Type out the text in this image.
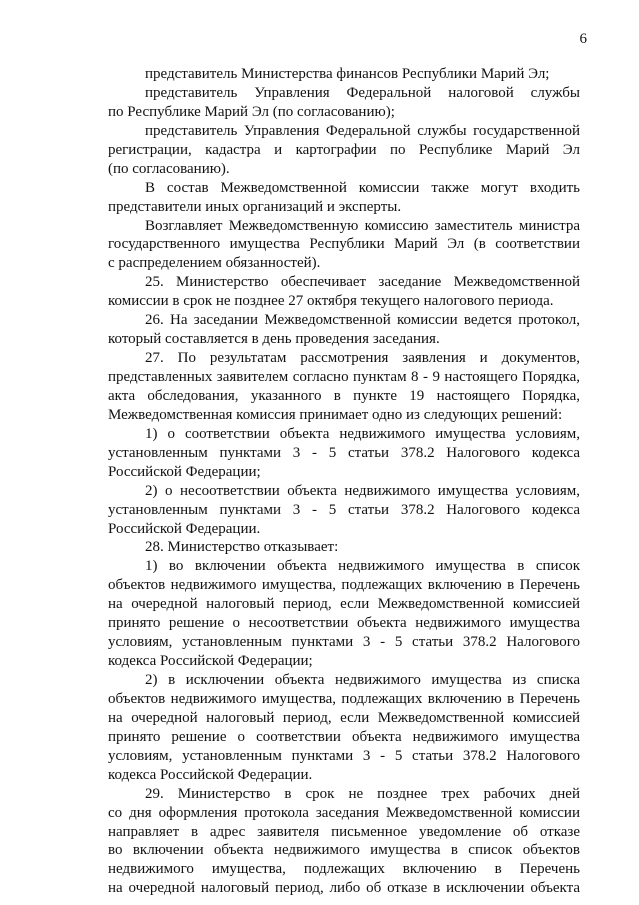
6
представитель Министерства финансов Республики Марий Эл;
представитель Управления Федеральной налоговой службы
по Республике Марий Эл (по согласованию);
представитель Управления Федеральной службы государственной
регистрации, кадастра и картографии по Республике Марий Эл
(по согласованию).
В состав Межведомственной комиссии также могут входить
представители иных организаций и эксперты.
Возглавляет Межведомственную комиссию заместитель министра
государственного имущества Республики Марий Эл (в соответствии
с распределением обязанностей).
25. Министерство обеспечивает заседание Межведомственной
комиссии в срок не позднее 27 октября текущего налогового периода.
26. На заседании Межведомственной комиссии ведется протокол,
который составляется в день проведения заседания.
27. По результатам рассмотрения заявления и документов,
представленных заявителем согласно пунктам 8 - 9 настоящего Порядка,
акта обследования, указанного в пункте 19 настоящего Порядка,
Межведомственная комиссия принимает одно из следующих решений:
1) о соответствии объекта недвижимого имущества условиям,
установленным пунктами 3 - 5 статьи 378.2 Налогового кодекса
Российской Федерации;
2) о несоответствии объекта недвижимого имущества условиям,
установленным пунктами 3 - 5 статьи 378.2 Налогового кодекса
Российской Федерации.
28. Министерство отказывает:
1) во включении объекта недвижимого имущества в список
объектов недвижимого имущества, подлежащих включению в Перечень
на очередной налоговый период, если Межведомственной комиссией
принято решение о несоответствии объекта недвижимого имущества
условиям, установленным пунктами 3 - 5 статьи 378.2 Налогового
кодекса Российской Федерации;
2) в исключении объекта недвижимого имущества из списка
объектов недвижимого имущества, подлежащих включению в Перечень
на очередной налоговый период, если Межведомственной комиссией
принято решение о соответствии объекта недвижимого имущества
условиям, установленным пунктами 3 - 5 статьи 378.2 Налогового
кодекса Российской Федерации.
29. Министерство в срок не позднее трех рабочих дней
со дня оформления протокола заседания Межведомственной комиссии
направляет в адрес заявителя письменное уведомление об отказе
во включении объекта недвижимого имущества в список объектов
недвижимого имущества, подлежащих включению в Перечень
на очередной налоговый период, либо об отказе в исключении объекта
